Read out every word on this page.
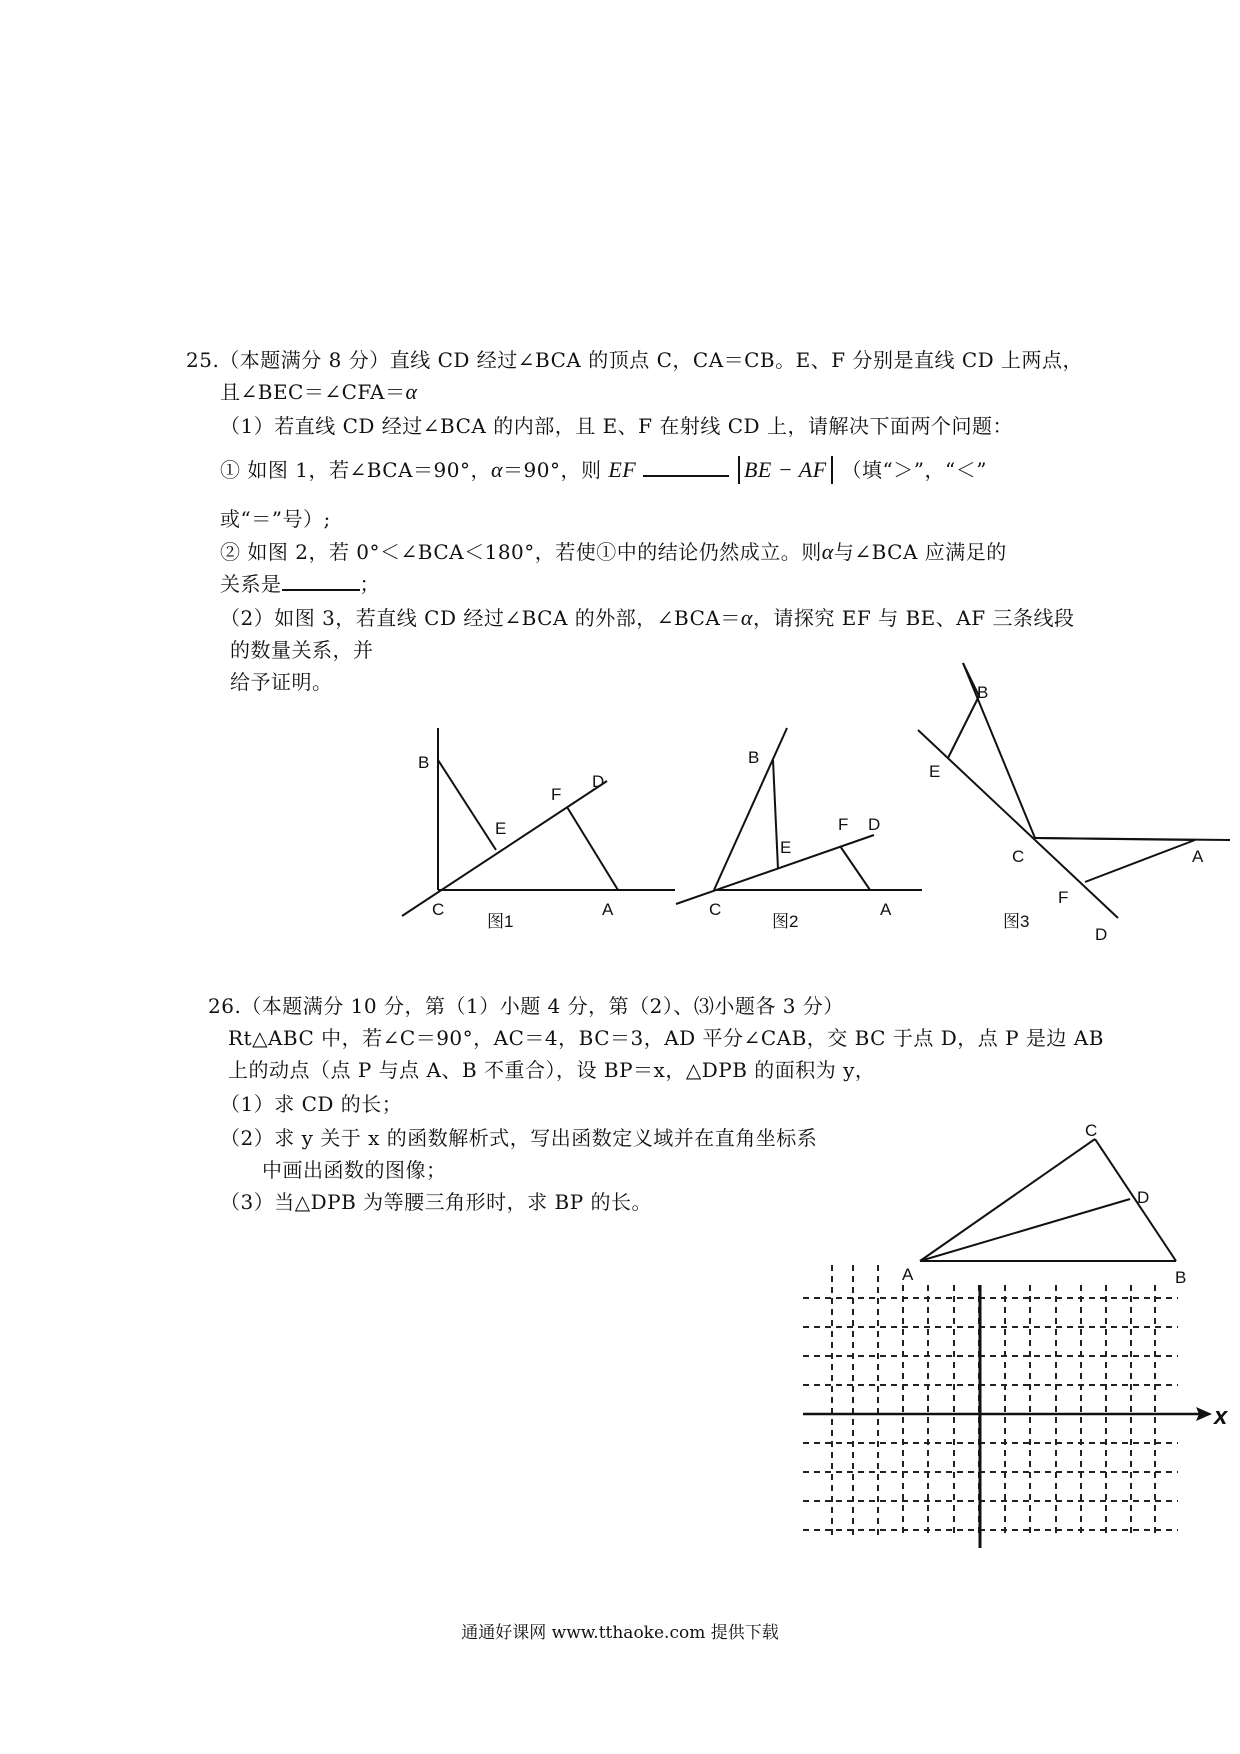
25.（本题满分 8 分）直线 CD 经过∠BCA 的顶点 C，CA＝CB。E、F 分别是直线 CD 上两点，
且∠BEC＝∠CFA＝α
（1）若直线 CD 经过∠BCA 的内部，且 E、F 在射线 CD 上，请解决下面两个问题：
① 如图 1，若∠BCA＝90°，α＝90°，则 EF	BE − AF （填“＞”，“＜”
或“＝”号）;
② 如图 2，若 0°＜∠BCA＜180°，若使①中的结论仍然成立。则α与∠BCA 应满足的
关系是	；
（2）如图 3，若直线 CD 经过∠BCA 的外部，∠BCA＝α，请探究 EF 与 BE、AF 三条线段
的数量关系，并
给予证明。
26.（本题满分 10 分，第（1）小题 4 分，第（2）、⑶小题各 3 分）
Rt△ABC 中，若∠C＝90°，AC＝4，BC＝3，AD 平分∠CAB，交 BC 于点 D，点 P 是边 AB
上的动点（点 P 与点 A、B 不重合），设 BP＝x，△DPB 的面积为 y，
（1）求 CD 的长；
（2）求 y 关于 x 的函数解析式，写出函数定义域并在直角坐标系
中画出函数的图像；
（3）当△DPB 为等腰三角形时，求 BP 的长。
B
E
F
D
C	A
图1
B
E
F D
C	A
图2
B
E
C	A
F
D
图3
C
D
A	B
x
通通好课网 www.tthaoke.com 提供下载
